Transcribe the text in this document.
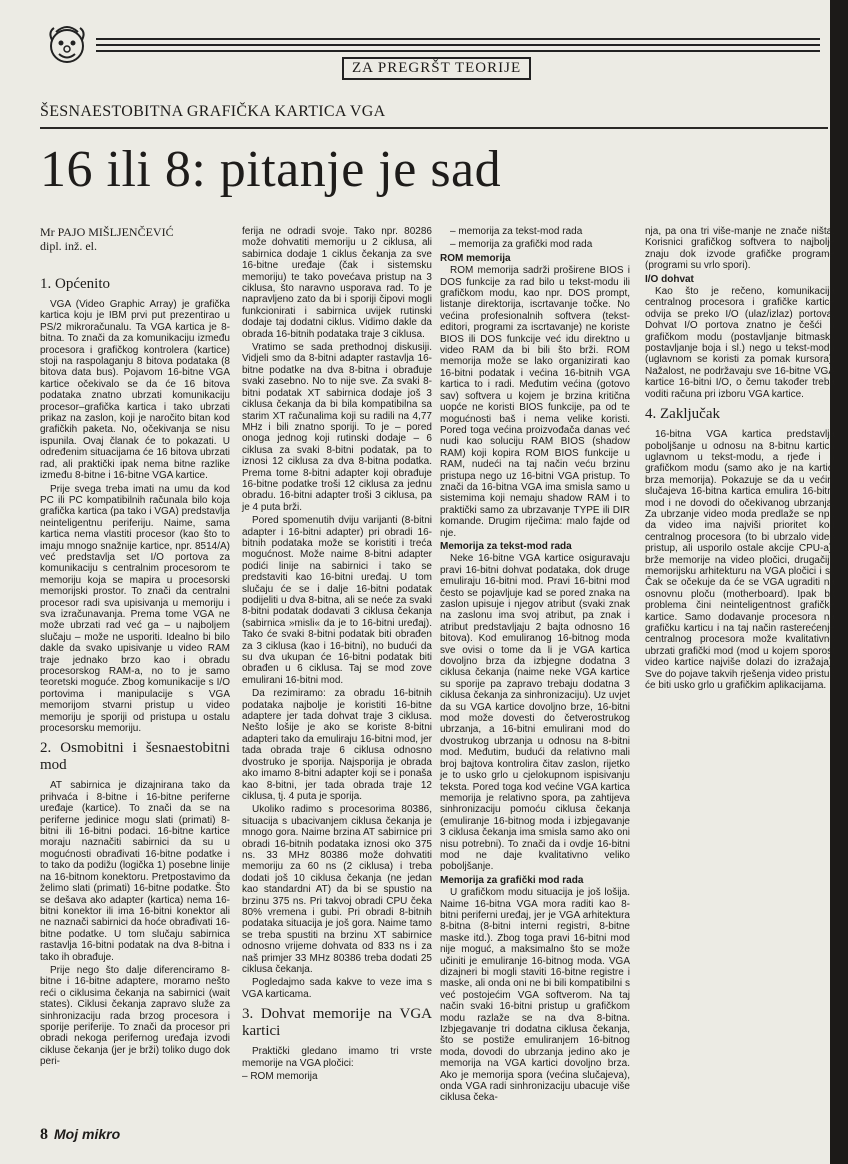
ZA PREGRŠT TEORIJE
ŠESNAESTOBITNA GRAFIČKA KARTICA VGA
16 ili 8: pitanje je sad
Mr PAJO MIŠLJENČEVIĆ
dipl. inž. el.
1. Općenito

VGA (Video Graphic Array) je grafička kartica koju je IBM prvi put prezentirao u PS/2 mikroračunalu. Ta VGA kartica je 8-bitna. To znači da za komunikaciju između procesora i grafičkog kontrolera (kartice) stoji na raspolaganju 8 bitova podataka (8 bitova data bus). Pojavom 16-bitne VGA kartice očekivalo se da će 16 bitova podataka znatno ubrzati komunikaciju procesor–grafička kartica i tako ubrzati prikaz na zaslon, koji je naročito bitan kod grafičkih paketa. No, očekivanja se nisu ispunila. Ovaj članak će to pokazati. U određenim situacijama će 16 bitova ubrzati rad, ali praktički ipak nema bitne razlike između 8-bitne i 16-bitne VGA kartice.

Prije svega treba imati na umu da kod PC ili PC kompatibilnih računala bilo koja grafička kartica (pa tako i VGA) predstavlja neinteligentnu periferiju. Naime, sama kartica nema vlastiti procesor (kao što to imaju mnogo snažnije kartice, npr. 8514/A) već predstavlja set I/O portova za komunikaciju s centralnim procesorom te memoriju koja se mapira u procesorski memorijski prostor. To znači da centralni procesor radi sva upisivanja u memoriju i sva izračunavanja. Prema tome VGA ne može ubrzati rad već ga – u najboljem slučaju – može ne usporiti. Idealno bi bilo dakle da svako upisivanje u video RAM traje jednako brzo kao i obradu procesorskog RAM-a, no to je samo teoretski moguće. Zbog komunikacije s I/O portovima i manipulacije s VGA memorijom stvarni pristup u video memoriju je sporiji od pristupa u ostalu procesorsku memoriju.

2. Osmobitni i šesnaestobitni mod

AT sabirnica je dizajnirana tako da prihvaća i 8-bitne i 16-bitne periferne uređaje (kartice). To znači da se na periferne jedinice mogu slati (primati) 8-bitni ili 16-bitni podaci. 16-bitne kartice moraju naznačiti sabirnici da su u mogućnosti obrađivati 16-bitne podatke i to tako da podižu (logička 1) posebne linije na 16-bitnom konektoru. Pretpostavimo da želimo slati (primati) 16-bitne podatke. Što se dešava ako adapter (kartica) nema 16-bitni konektor ili ima 16-bitni konektor ali ne naznači sabirnici da hoće obrađivati 16-bitne podatke. U tom slučaju sabirnica rastavlja 16-bitni podatak na dva 8-bitna i tako ih obrađuje.

Prije nego što dalje diferenciramo 8-bitne i 16-bitne adaptere, moramo nešto reći o ciklusima čekanja na sabirnici (wait states). Ciklusi čekanja zapravo služe za sinhronizaciju rada brzog procesora i sporije periferije. To znači da procesor pri obradi nekoga perifernog uređaja izvodi cikluse čekanja (jer je brži) toliko dugo dok peri-

ferija ne odradi svoje. Tako npr. 80286 može dohvatiti memoriju u 2 ciklusa, ali sabirnica dodaje 1 ciklus čekanja za sve 16-bitne uređaje (čak i sistemsku memoriju) te tako povećava pristup na 3 ciklusa, što naravno usporava rad. To je napravljeno zato da bi i sporiji čipovi mogli funkcionirati i sabirnica uvijek rutinski dodaje taj dodatni ciklus. Vidimo dakle da obrada 16-bitnih podataka traje 3 ciklusa.

Vratimo se sada prethodnoj diskusiji. Vidjeli smo da 8-bitni adapter rastavlja 16-bitne podatke na dva 8-bitna i obrađuje svaki zasebno. No to nije sve. Za svaki 8-bitni podatak XT sabirnica dodaje još 3 ciklusa čekanja da bi bila kompatibilna sa starim XT računalima koji su radili na 4,77 MHz i bili znatno sporiji. To je – pored onoga jednog koji rutinski dodaje – 6 ciklusa za svaki 8-bitni podatak, pa to iznosi 12 ciklusa za dva 8-bitna podatka. Prema tome 8-bitni adapter koji obrađuje 16-bitne podatke troši 12 ciklusa za jednu obradu. 16-bitni adapter troši 3 ciklusa, pa je 4 puta brži.

Pored spomenutih dviju varijanti (8-bitni adapter i 16-bitni adapter) pri obradi 16-bitnih podataka može se koristiti i treća mogućnost. Može naime 8-bitni adapter podići linije na sabirnici i tako se predstaviti kao 16-bitni uređaj. U tom slučaju će se i dalje 16-bitni podatak podijeliti u dva 8-bitna, ali se neće za svaki 8-bitni podatak dodavati 3 ciklusa čekanja (sabirnica »misli« da je to 16-bitni uređaj). Tako će svaki 8-bitni podatak biti obrađen za 3 ciklusa (kao i 16-bitni), no budući da su dva ukupan će 16-bitni podatak biti obrađen u 6 ciklusa. Taj se mod zove emulirani 16-bitni mod.

Da rezimiramo: za obradu 16-bitnih podataka najbolje je koristiti 16-bitne adaptere jer tada dohvat traje 3 ciklusa. Nešto lošije je ako se koriste 8-bitni adapteri tako da emuliraju 16-bitni mod, jer tada obrada traje 6 ciklusa odnosno dvostruko je sporija. Najsporija je obrada ako imamo 8-bitni adapter koji se i ponaša kao 8-bitni, jer tada obrada traje 12 ciklusa, tj. 4 puta je sporija.

Ukoliko radimo s procesorima 80386, situacija s ubacivanjem ciklusa čekanja je mnogo gora. Naime brzina AT sabirnice pri obradi 16-bitnih podataka iznosi oko 375 ns. 33 MHz 80386 može dohvatiti memoriju za 60 ns (2 ciklusa) i treba dodati još 10 ciklusa čekanja (ne jedan kao standardni AT) da bi se spustio na brzinu 375 ns. Pri takvoj obradi CPU čeka 80% vremena i gubi. Pri obradi 8-bitnih podataka situacija je još gora. Naime tamo se treba spustiti na brzinu XT sabirnice odnosno vrijeme dohvata od 833 ns i za naš primjer 33 MHz 80386 treba dodati 25 ciklusa čekanja.

Pogledajmo sada kakve to veze ima s VGA karticama.

3. Dohvat memorije na VGA kartici

Praktički gledano imamo tri vrste memorije na VGA pločici:

– ROM memorija

– memorija za tekst-mod rada

– memorija za grafički mod rada

ROM memorija

ROM memorija sadrži proširene BIOS i DOS funkcije za rad bilo u tekst-modu ili grafičkom modu, kao npr. DOS prompt, listanje direktorija, iscrtavanje točke. No većina profesionalnih softvera (tekst-editori, programi za iscrtavanje) ne koriste BIOS ili DOS funkcije već idu direktno u video RAM da bi bili što brži. ROM memorija može se lako organizirati kao 16-bitni podatak i većina 16-bitnih VGA kartica to i radi. Međutim većina (gotovo sav) softvera u kojem je brzina kritična uopće ne koristi BIOS funkcije, pa od te mogućnosti baš i nema velike koristi. Pored toga većina proizvođača danas već nudi kao soluciju RAM BIOS (shadow RAM) koji kopira ROM BIOS funkcije u RAM, nudeći na taj način veću brzinu pristupa nego uz 16-bitni VGA pristup. To znači da 16-bitna VGA ima smisla samo u sistemima koji nemaju shadow RAM i to praktički samo za ubrzavanje TYPE ili DIR komande. Drugim riječima: malo fajde od nje.

Memorija za tekst-mod rada

Neke 16-bitne VGA kartice osiguravaju pravi 16-bitni dohvat podataka, dok druge emuliraju 16-bitni mod. Pravi 16-bitni mod često se pojavljuje kad se pored znaka na zaslon upisuje i njegov atribut (svaki znak na zaslonu ima svoj atribut, pa znak i atribut predstavljaju 2 bajta odnosno 16 bitova). Kod emuliranog 16-bitnog moda sve ovisi o tome da li je VGA kartica dovoljno brza da izbjegne dodatna 3 ciklusa čekanja (naime neke VGA kartice su sporije pa zapravo trebaju dodatna 3 ciklusa čekanja za sinhronizaciju). Uz uvjet da su VGA kartice dovoljno brze, 16-bitni mod može dovesti do četverostrukog ubrzanja, a 16-bitni emulirani mod do dvostrukog ubrzanja u odnosu na 8-bitni mod. Međutim, budući da relativno mali broj bajtova kontrolira čitav zaslon, rijetko je to usko grlo u cjelokupnom ispisivanju teksta. Pored toga kod većine VGA kartica memorija je relativno spora, pa zahtijeva sinhronizaciju pomoću ciklusa čekanja (emuliranje 16-bitnog moda i izbjegavanje 3 ciklusa čekanja ima smisla samo ako oni nisu potrebni). To znači da i ovdje 16-bitni mod ne daje kvalitativno veliko poboljšanje.

Memorija za grafički mod rada

U grafičkom modu situacija je još lošija. Naime 16-bitna VGA mora raditi kao 8-bitni periferni uređaj, jer je VGA arhitektura 8-bitna (8-bitni interni registri, 8-bitne maske itd.). Zbog toga pravi 16-bitni mod nije moguć, a maksimalno što se može učiniti je emuliranje 16-bitnog moda. VGA dizajneri bi mogli staviti 16-bitne registre i maske, ali onda oni ne bi bili kompatibilni s već postojećim VGA softverom. Na taj način svaki 16-bitni pristup u grafičkom modu razlaže se na dva 8-bitna. Izbjegavanje tri dodatna ciklusa čekanja, što se postiže emuliranjem 16-bitnog moda, dovodi do ubrzanja jedino ako je memorija na VGA kartici dovoljno brza. Ako je memorija spora (većina slučajeva), onda VGA radi sinhronizaciju ubacuje više ciklusa čeka-

nja, pa ona tri više-manje ne znače ništa. Korisnici grafičkog softvera to najbolje znaju dok izvode grafičke programe (programi su vrlo spori).

I/O dohvat

Kao što je rečeno, komunikacija centralnog procesora i grafičke kartice odvija se preko I/O (ulaz/izlaz) portova. Dohvat I/O portova znatno je češći u grafičkom modu (postavljanje bitmaski, postavljanje boja i sl.) nego u tekst-modu (uglavnom se koristi za pomak kursora). Nažalost, ne podržavaju sve 16-bitne VGA kartice 16-bitni I/O, o čemu također treba voditi računa pri izboru VGA kartice.

4. Zaključak

16-bitna VGA kartica predstavlja poboljšanje u odnosu na 8-bitnu karticu uglavnom u tekst-modu, a rjeđe i u grafičkom modu (samo ako je na kartici brza memorija). Pokazuje se da u većini slučajeva 16-bitna kartica emulira 16-bitni mod i ne dovodi do očekivanog ubrzanja. Za ubrzanje video moda predlaže se npr. da video ima najviši prioritet kod centralnog procesora (to bi ubrzalo video pristup, ali usporilo ostale akcije CPU-a), brže memorije na video pločici, drugačiju memorijsku arhitekturu na VGA pločici i sl. Čak se očekuje da će se VGA ugraditi na osnovnu ploču (motherboard). Ipak bit problema čini neinteligentnost grafičke kartice. Samo dodavanje procesora na grafičku karticu i na taj način rasterećenje centralnog procesora može kvalitativno ubrzati grafički mod (mod u kojem sporost video kartice najviše dolazi do izražaja). Sve do pojave takvih rješenja video pristup će biti usko grlo u grafičkim aplikacijama.

8 Moj mikro
